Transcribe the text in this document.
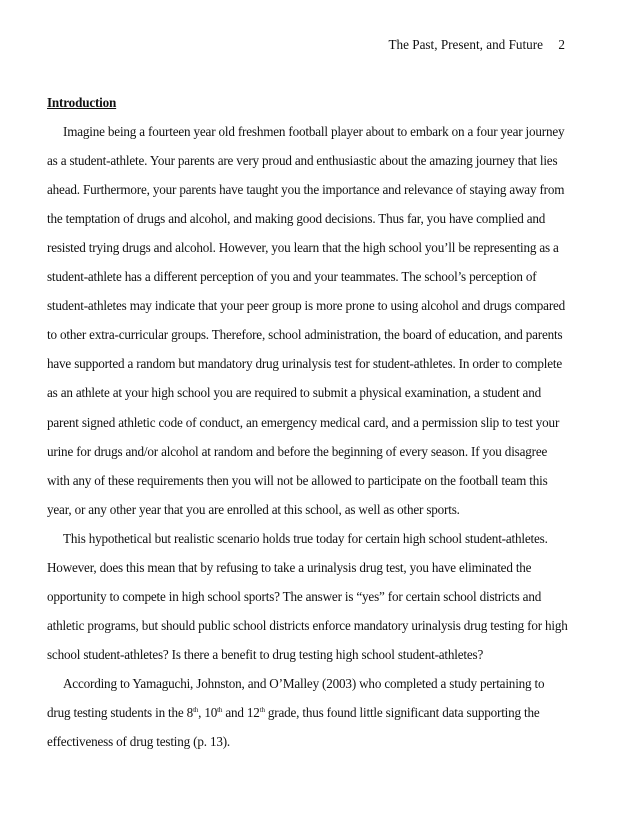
The Past, Present, and Future 2
Introduction
Imagine being a fourteen year old freshmen football player about to embark on a four year journey
as a student-athlete. Your parents are very proud and enthusiastic about the amazing journey that lies
ahead. Furthermore, your parents have taught you the importance and relevance of staying away from
the temptation of drugs and alcohol, and making good decisions. Thus far, you have complied and
resisted trying drugs and alcohol. However, you learn that the high school you’ll be representing as a
student-athlete has a different perception of you and your teammates. The school’s perception of
student-athletes may indicate that your peer group is more prone to using alcohol and drugs compared
to other extra-curricular groups. Therefore, school administration, the board of education, and parents
have supported a random but mandatory drug urinalysis test for student-athletes. In order to complete
as an athlete at your high school you are required to submit a physical examination, a student and
parent signed athletic code of conduct, an emergency medical card, and a permission slip to test your
urine for drugs and/or alcohol at random and before the beginning of every season. If you disagree
with any of these requirements then you will not be allowed to participate on the football team this
year, or any other year that you are enrolled at this school, as well as other sports.
This hypothetical but realistic scenario holds true today for certain high school student-athletes.
However, does this mean that by refusing to take a urinalysis drug test, you have eliminated the
opportunity to compete in high school sports? The answer is “yes” for certain school districts and
athletic programs, but should public school districts enforce mandatory urinalysis drug testing for high
school student-athletes? Is there a benefit to drug testing high school student-athletes?
According to Yamaguchi, Johnston, and O’Malley (2003) who completed a study pertaining to
drug testing students in the 8th, 10th and 12th grade, thus found little significant data supporting the
effectiveness of drug testing (p. 13).
